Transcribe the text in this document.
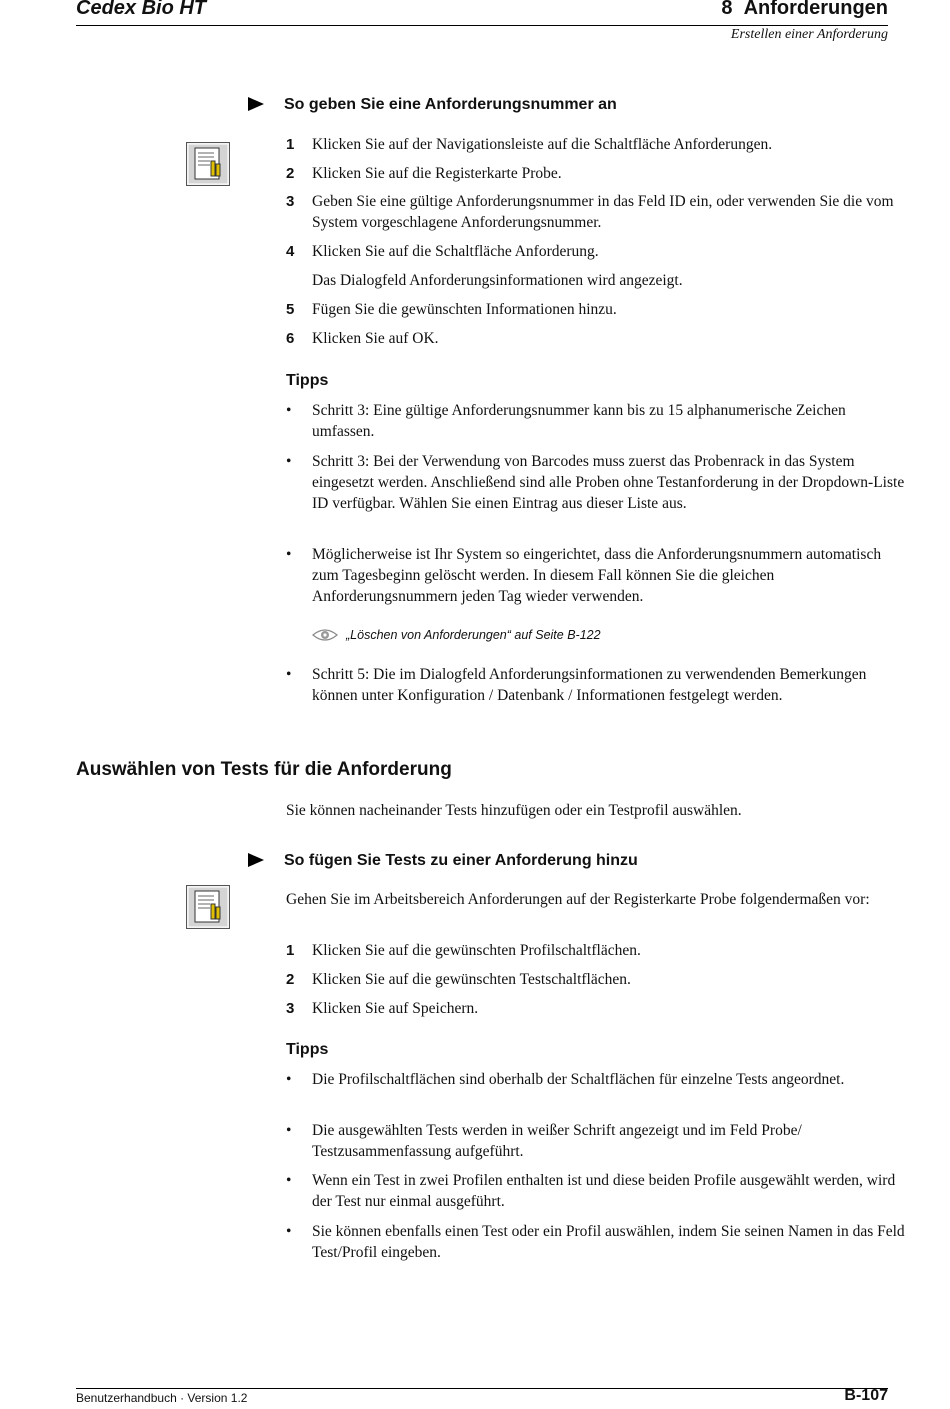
Cedex Bio HT	8 Anforderungen
Erstellen einer Anforderung
So geben Sie eine Anforderungsnummer an
1 Klicken Sie auf der Navigationsleiste auf die Schaltfläche Anforderungen.
2 Klicken Sie auf die Registerkarte Probe.
3 Geben Sie eine gültige Anforderungsnummer in das Feld ID ein, oder verwenden Sie die vom System vorgeschlagene Anforderungsnummer.
4 Klicken Sie auf die Schaltfläche Anforderung.
Das Dialogfeld Anforderungsinformationen wird angezeigt.
5 Fügen Sie die gewünschten Informationen hinzu.
6 Klicken Sie auf OK.
Tipps
• Schritt 3: Eine gültige Anforderungsnummer kann bis zu 15 alphanumerische Zeichen umfassen.
• Schritt 3: Bei der Verwendung von Barcodes muss zuerst das Probenrack in das System eingesetzt werden. Anschließend sind alle Proben ohne Testanforderung in der Dropdown-Liste ID verfügbar. Wählen Sie einen Eintrag aus dieser Liste aus.
• Möglicherweise ist Ihr System so eingerichtet, dass die Anforderungsnummern automatisch zum Tagesbeginn gelöscht werden. In diesem Fall können Sie die gleichen Anforderungsnummern jeden Tag wieder verwenden.
„Löschen von Anforderungen“ auf Seite B-122
• Schritt 5: Die im Dialogfeld Anforderungsinformationen zu verwendenden Bemerkungen können unter Konfiguration / Datenbank / Informationen festgelegt werden.
Auswählen von Tests für die Anforderung
Sie können nacheinander Tests hinzufügen oder ein Testprofil auswählen.
So fügen Sie Tests zu einer Anforderung hinzu
Gehen Sie im Arbeitsbereich Anforderungen auf der Registerkarte Probe folgendermaßen vor:
1 Klicken Sie auf die gewünschten Profilschaltflächen.
2 Klicken Sie auf die gewünschten Testschaltflächen.
3 Klicken Sie auf Speichern.
Tipps
• Die Profilschaltflächen sind oberhalb der Schaltflächen für einzelne Tests angeordnet.
• Die ausgewählten Tests werden in weißer Schrift angezeigt und im Feld Probe/ Testzusammenfassung aufgeführt.
• Wenn ein Test in zwei Profilen enthalten ist und diese beiden Profile ausgewählt werden, wird der Test nur einmal ausgeführt.
• Sie können ebenfalls einen Test oder ein Profil auswählen, indem Sie seinen Namen in das Feld Test/Profil eingeben.
Benutzerhandbuch · Version 1.2	B-107
